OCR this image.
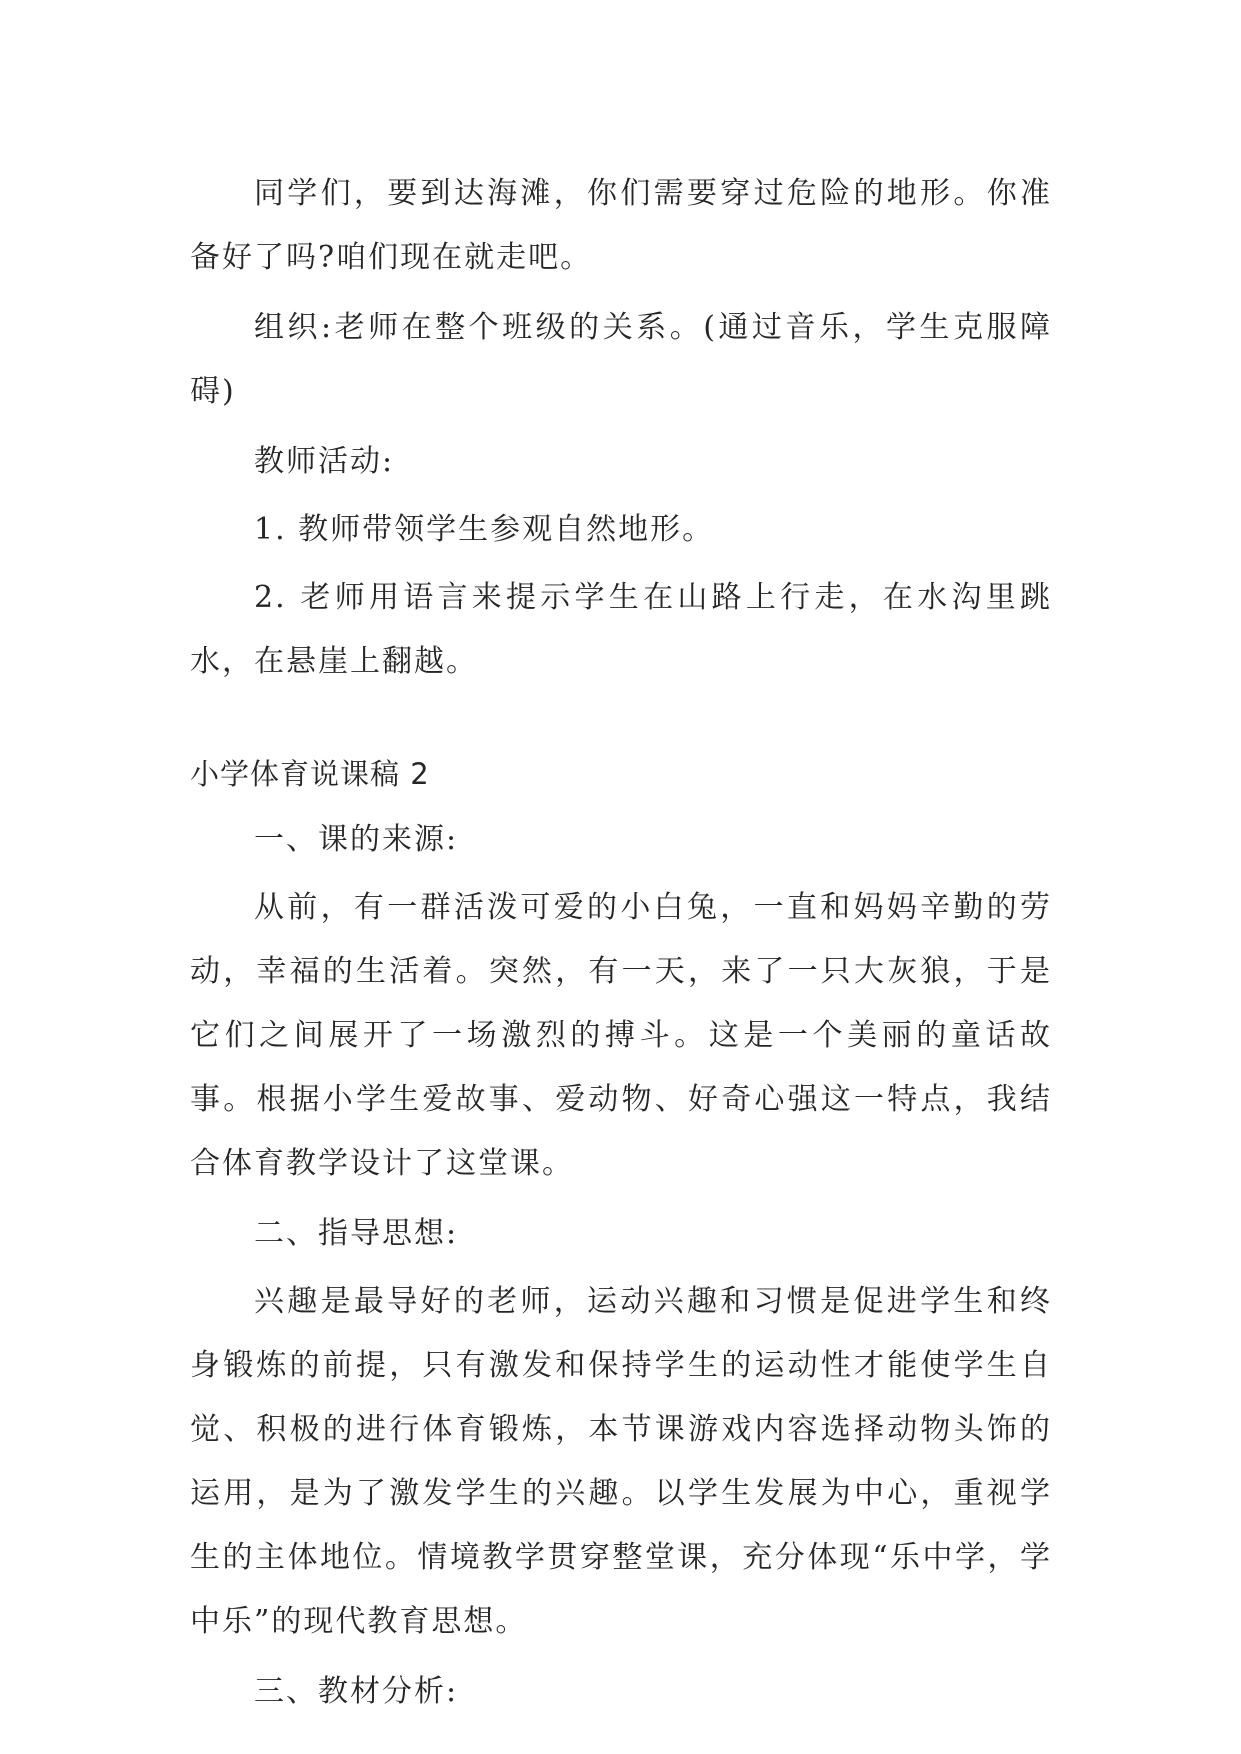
同学们，要到达海滩，你们需要穿过危险的地形。你准备好了吗?咱们现在就走吧。

组织:老师在整个班级的关系。(通过音乐，学生克服障碍)

教师活动:

1. 教师带领学生参观自然地形。

2. 老师用语言来提示学生在山路上行走，在水沟里跳水，在悬崖上翻越。

小学体育说课稿 2

一、课的来源:

从前，有一群活泼可爱的小白兔，一直和妈妈辛勤的劳动，幸福的生活着。突然，有一天，来了一只大灰狼，于是它们之间展开了一场激烈的搏斗。这是一个美丽的童话故事。根据小学生爱故事、爱动物、好奇心强这一特点，我结合体育教学设计了这堂课。

二、指导思想:

兴趣是最导好的老师，运动兴趣和习惯是促进学生和终身锻炼的前提，只有激发和保持学生的运动性才能使学生自觉、积极的进行体育锻炼，本节课游戏内容选择动物头饰的运用，是为了激发学生的兴趣。以学生发展为中心，重视学生的主体地位。情境教学贯穿整堂课，充分体现“乐中学，学中乐”的现代教育思想。

三、教材分析:
